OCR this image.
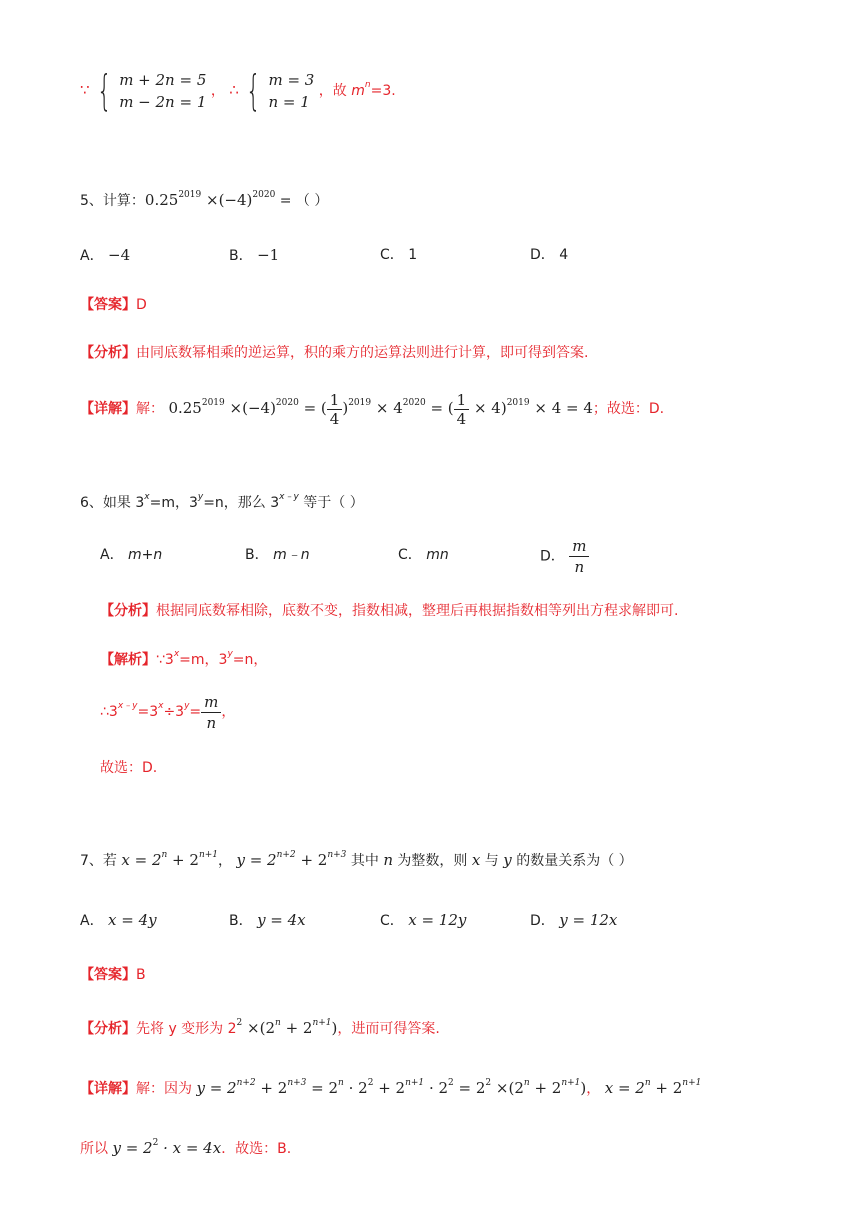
∵ { m + 2n = 5
m − 2n = 1
， ∴ { m = 3
n = 1
，故 $m^n=3$.
5、计算：$0.25^{2019} \times(-4)^{2020}$ = （ ）
A． −4	B． −1	C． 1	D． 4
【答案】D
【分析】由同底数幂相乘的逆运算，积的乘方的运算法则进行计算，即可得到答案.
【详解】解： $0.25^{2019} \times(-4)^{2020}$ = ( $\frac{1}{4} )^{2019} \times 4^{2020}$ = ( $\frac{1}{4} \times 4)^{2019} \times 4 = 4$；故选：D.
6、如果 $3^x=m$，$3^y=n$，那么 $3^{x﹣y}$ 等于（ ）
A． m+n	B． m﹣n	C． mn	D． $\frac{m}{n}$
【分析】根据同底数幂相除，底数不变，指数相减，整理后再根据指数相等列出方程求解即可.
【解析】$\because 3^x=m$，$3^y=n$，
$\therefore 3^{x﹣y}=3^x\div 3^y= \frac{m}{n}$ ，
故选：D.
7、若 $x = 2^n + 2^{n+1}$， $y = 2^{n+2} + 2^{n+3}$ 其中 n 为整数，则 x 与 y 的数量关系为（ ）
A． x = 4y	B． y = 4x	C． x = 12y	D． y = 12x
【答案】B
【分析】先将 y 变形为 $2^2 \times(2^n + 2^{n+1})$，进而可得答案.
【详解】解：因为 $y = 2^{n+2} + 2^{n+3} = 2^n \cdot 2^2 + 2^{n+1} \cdot 2^2 = 2^2 \times(2^n + 2^{n+1})$， $x = 2^n + 2^{n+1}$
所以 $y = 2^2 \cdot x = 4x$．故选：B.
